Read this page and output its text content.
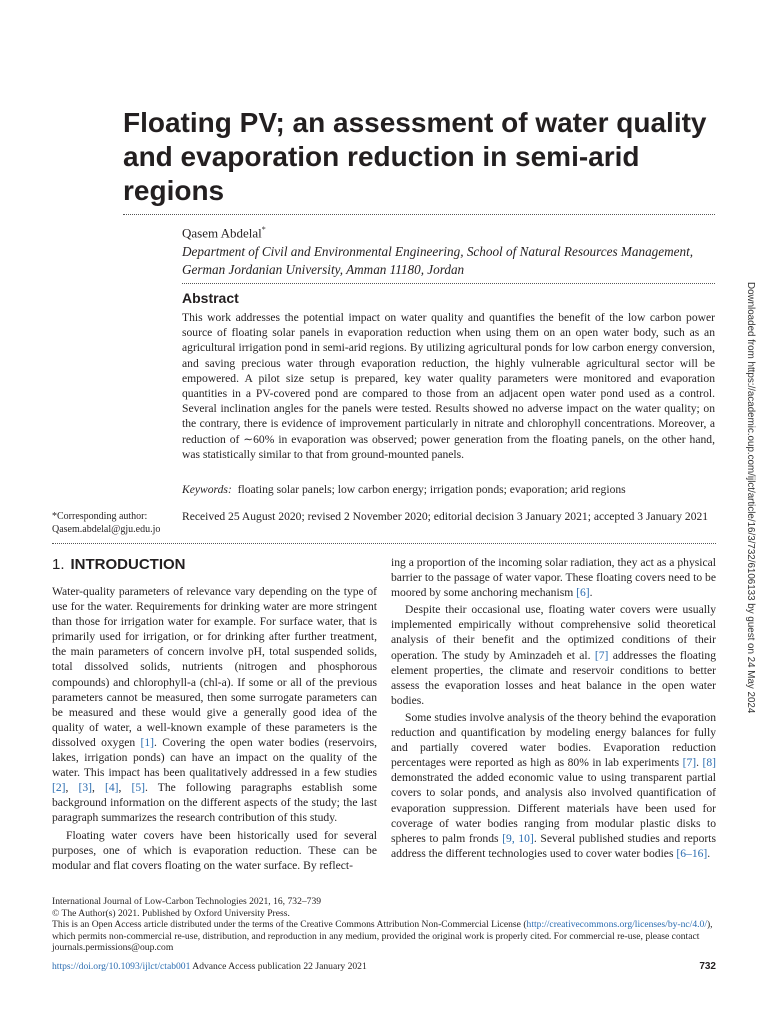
Floating PV; an assessment of water quality and evaporation reduction in semi-arid regions
Qasem Abdelal*
Department of Civil and Environmental Engineering, School of Natural Resources Management, German Jordanian University, Amman 11180, Jordan
Abstract
This work addresses the potential impact on water quality and quantifies the benefit of the low carbon power source of floating solar panels in evaporation reduction when using them on an open water body, such as an agricultural irrigation pond in semi-arid regions. By utilizing agricultural ponds for low carbon energy conversion, and saving precious water through evaporation reduction, the highly vulnerable agricultural sector will be empowered. A pilot size setup is prepared, key water quality parameters were monitored and evaporation quantities in a PV-covered pond are compared to those from an adjacent open water pond used as a control. Several inclination angles for the panels were tested. Results showed no adverse impact on the water quality; on the contrary, there is evidence of improvement particularly in nitrate and chlorophyll concentrations. Moreover, a reduction of ∼60% in evaporation was observed; power generation from the floating panels, on the other hand, was statistically similar to that from ground-mounted panels.
Keywords: floating solar panels; low carbon energy; irrigation ponds; evaporation; arid regions
*Corresponding author:
Qasem.abdelal@gju.edu.jo
Received 25 August 2020; revised 2 November 2020; editorial decision 3 January 2021; accepted 3 January 2021
1. INTRODUCTION

Water-quality parameters of relevance vary depending on the type of use for the water. Requirements for drinking water are more stringent than those for irrigation water for example. For surface water, that is primarily used for irrigation, or for drinking after further treatment, the main parameters of concern involve pH, total suspended solids, total dissolved solids, nutrients (nitrogen and phosphorous compounds) and chlorophyll-a (chl-a). If some or all of the previous parameters cannot be measured, then some surrogate parameters can be measured and these would give a generally good idea of the quality of water, a well-known example of these parameters is the dissolved oxygen [1]. Covering the open water bodies (reservoirs, lakes, irrigation ponds) can have an impact on the quality of the water. This impact has been qualitatively addressed in a few studies [2], [3], [4], [5]. The following paragraphs establish some background information on the different aspects of the study; the last paragraph summarizes the research contribution of this study.

Floating water covers have been historically used for several purposes, one of which is evaporation reduction. These can be modular and flat covers floating on the water surface. By reflect-

ing a proportion of the incoming solar radiation, they act as a physical barrier to the passage of water vapor. These floating covers need to be moored by some anchoring mechanism [6].

Despite their occasional use, floating water covers were usually implemented empirically without comprehensive solid theoretical analysis of their benefit and the optimized conditions of their operation. The study by Aminzadeh et al. [7] addresses the floating element properties, the climate and reservoir conditions to better assess the evaporation losses and heat balance in the open water bodies.

Some studies involve analysis of the theory behind the evaporation reduction and quantification by modeling energy balances for fully and partially covered water bodies. Evaporation reduction percentages were reported as high as 80% in lab experiments [7]. [8] demonstrated the added economic value to using transparent partial covers to solar ponds, and analysis also involved quantification of evaporation suppression. Different materials have been used for coverage of water bodies ranging from modular plastic disks to spheres to palm fronds [9, 10]. Several published studies and reports address the different technologies used to cover water bodies [6–16].

Downloaded from https://academic.oup.com/ijlct/article/16/3/732/6106133 by guest on 24 May 2024
International Journal of Low-Carbon Technologies 2021, 16, 732–739
© The Author(s) 2021. Published by Oxford University Press.
This is an Open Access article distributed under the terms of the Creative Commons Attribution Non-Commercial License (http://creativecommons.org/licenses/by-nc/4.0/), which permits non-commercial re-use, distribution, and reproduction in any medium, provided the original work is properly cited. For commercial re-use, please contact journals.permissions@oup.com
https://doi.org/10.1093/ijlct/ctab001 Advance Access publication 22 January 2021	732
